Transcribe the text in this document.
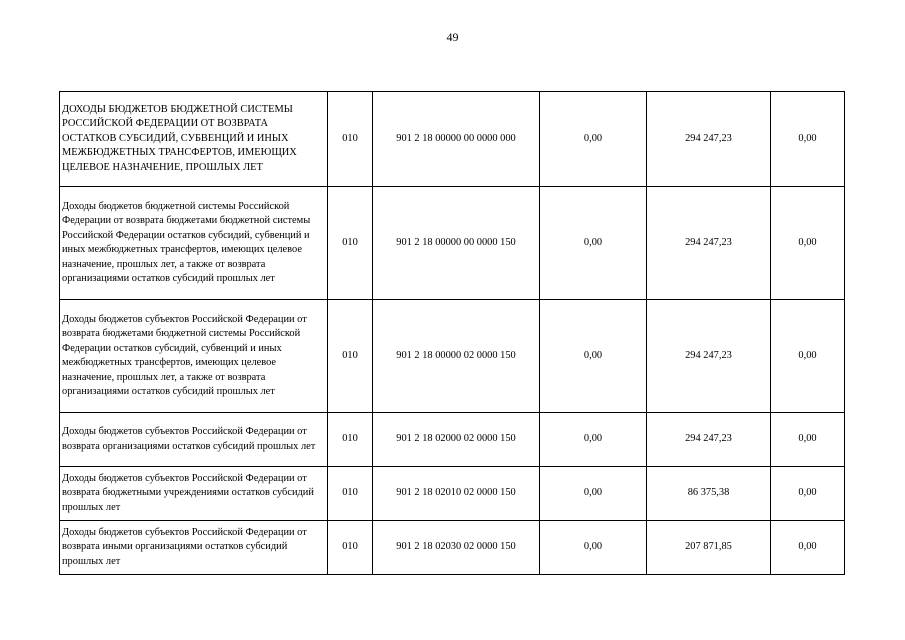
49
ДОХОДЫ БЮДЖЕТОВ БЮДЖЕТНОЙ СИСТЕМЫ РОССИЙСКОЙ ФЕДЕРАЦИИ ОТ ВОЗВРАТА ОСТАТКОВ СУБСИДИЙ, СУБВЕНЦИЙ И ИНЫХ МЕЖБЮДЖЕТНЫХ ТРАНСФЕРТОВ, ИМЕЮЩИХ ЦЕЛЕВОЕ НАЗНАЧЕНИЕ, ПРОШЛЫХ ЛЕТ	010	901 2 18 00000 00 0000 000	0,00	294 247,23	0,00
Доходы бюджетов бюджетной системы Российской Федерации от возврата бюджетами бюджетной системы Российской Федерации остатков субсидий, субвенций и иных межбюджетных трансфертов, имеющих целевое назначение, прошлых лет, а также от возврата организациями остатков субсидий прошлых лет	010	901 2 18 00000 00 0000 150	0,00	294 247,23	0,00
Доходы бюджетов субъектов Российской Федерации от возврата бюджетами бюджетной системы Российской Федерации остатков субсидий, субвенций и иных межбюджетных трансфертов, имеющих целевое назначение, прошлых лет, а также от возврата организациями остатков субсидий прошлых лет	010	901 2 18 00000 02 0000 150	0,00	294 247,23	0,00
Доходы бюджетов субъектов Российской Федерации от возврата организациями остатков субсидий прошлых лет	010	901 2 18 02000 02 0000 150	0,00	294 247,23	0,00
Доходы бюджетов субъектов Российской Федерации от возврата бюджетными учреждениями остатков субсидий прошлых лет	010	901 2 18 02010 02 0000 150	0,00	86 375,38	0,00
Доходы бюджетов субъектов Российской Федерации от возврата иными организациями остатков субсидий прошлых лет	010	901 2 18 02030 02 0000 150	0,00	207 871,85	0,00
